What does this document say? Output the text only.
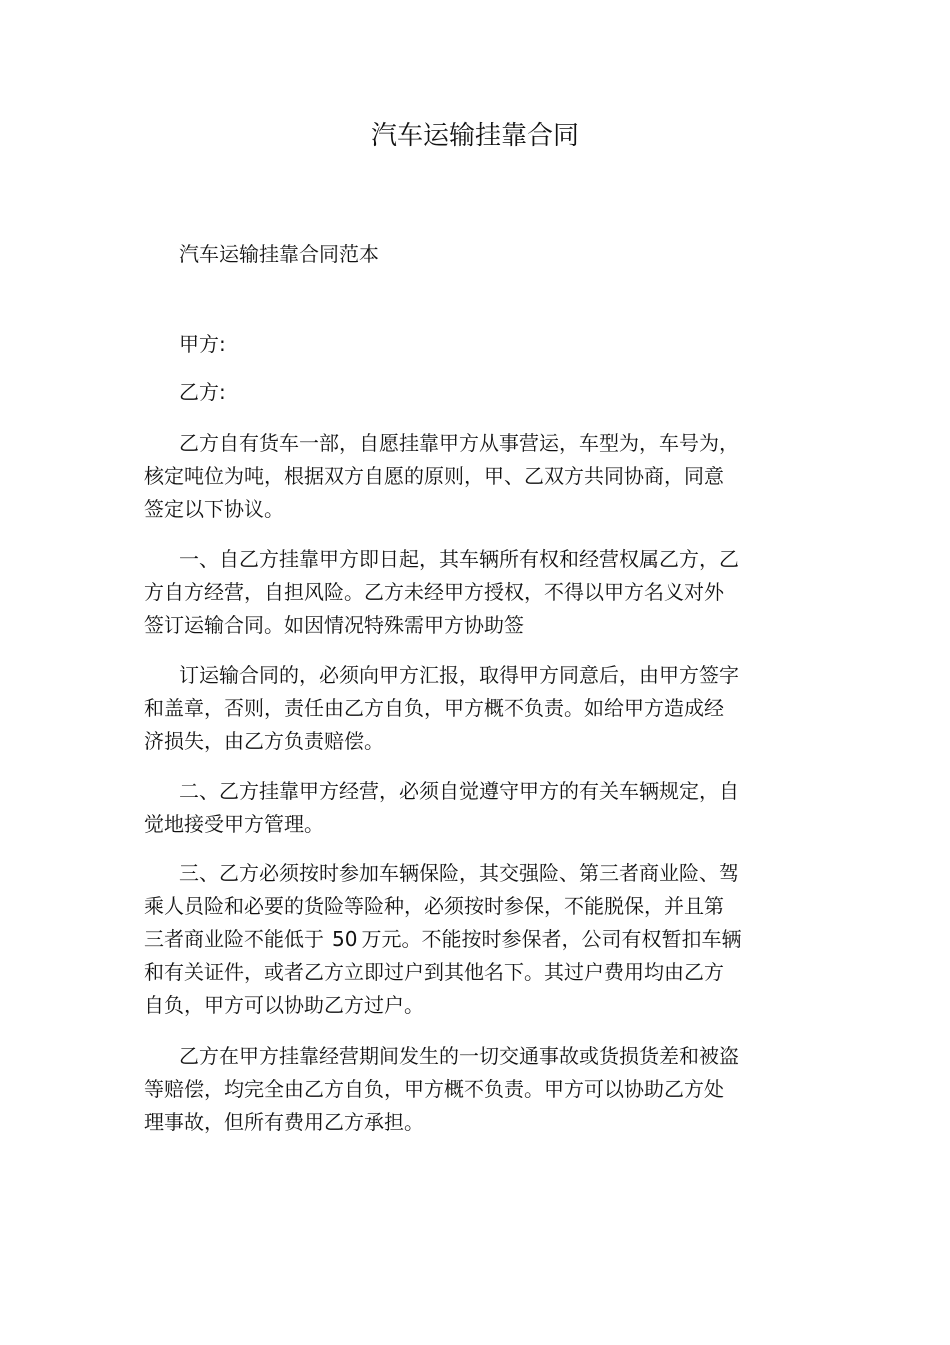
汽车运输挂靠合同
汽车运输挂靠合同范本
甲方:
乙方:
乙方自有货车一部，自愿挂靠甲方从事营运，车型为，车号为，
核定吨位为吨，根据双方自愿的原则，甲、乙双方共同协商，同意
签定以下协议。
一、自乙方挂靠甲方即日起，其车辆所有权和经营权属乙方，乙
方自方经营，自担风险。乙方未经甲方授权，不得以甲方名义对外
签订运输合同。如因情况特殊需甲方协助签
订运输合同的，必须向甲方汇报，取得甲方同意后，由甲方签字
和盖章，否则，责任由乙方自负，甲方概不负责。如给甲方造成经
济损失，由乙方负责赔偿。
二、乙方挂靠甲方经营，必须自觉遵守甲方的有关车辆规定，自
觉地接受甲方管理。
三、乙方必须按时参加车辆保险，其交强险、第三者商业险、驾
乘人员险和必要的货险等险种，必须按时参保，不能脱保，并且第
三者商业险不能低于 50 万元。不能按时参保者，公司有权暂扣车辆
和有关证件，或者乙方立即过户到其他名下。其过户费用均由乙方
自负，甲方可以协助乙方过户。
乙方在甲方挂靠经营期间发生的一切交通事故或货损货差和被盗
等赔偿，均完全由乙方自负，甲方概不负责。甲方可以协助乙方处
理事故，但所有费用乙方承担。
